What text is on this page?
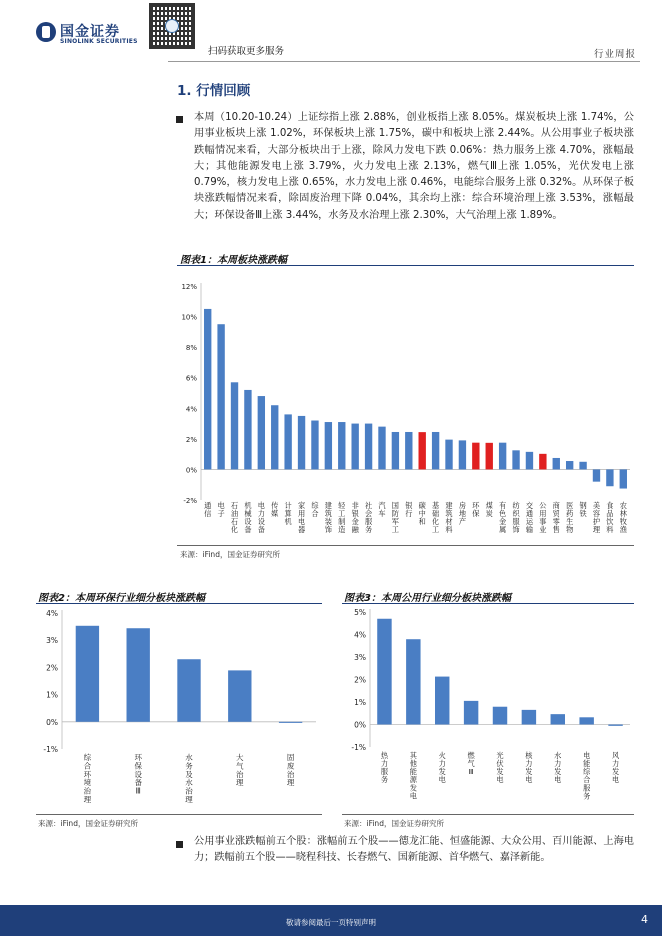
国金证券
SINOLINK SECURITIES
扫码获取更多服务	行业周报
1. 行情回顾
本周（10.20-10.24）上证综指上涨 2.88%，创业板指上涨 8.05%。煤炭板块上涨 1.74%，公用事业板块上涨 1.02%，环保板块上涨 1.75%，碳中和板块上涨 2.44%。从公用事业子板块涨跌幅情况来看，大部分板块出于上涨，除风力发电下跌 0.06%：热力服务上涨 4.70%，涨幅最大；其他能源发电上涨 3.79%，火力发电上涨 2.13%，燃气Ⅲ上涨 1.05%，光伏发电上涨 0.79%，核力发电上涨 0.65%，水力发电上涨 0.46%，电能综合服务上涨 0.32%。从环保子板块涨跌幅情况来看，除固废治理下降 0.04%，其余均上涨：综合环境治理上涨 3.53%，涨幅最大；环保设备Ⅲ上涨 3.44%，水务及水治理上涨 2.30%，大气治理上涨 1.89%。
图表1：本周板块涨跌幅
-2%
0%
2%
4%
6%
8%
10%
12%
通信
电子
石油石化
机械设备
电力设备
传媒
计算机
家用电器
综合
建筑装饰
轻工制造
非银金融
社会服务
汽车
国防军工
银行
碳中和
基础化工
建筑材料
房地产
环保
煤炭
有色金属
纺织服饰
交通运输
公用事业
商贸零售
医药生物
钢铁
美容护理
食品饮料
农林牧渔
来源：iFind，国金证券研究所
图表2：本周环保行业细分板块涨跌幅
-1%
0%
1%
2%
3%
4%
综合环境治理
环保设备 Ⅲ
水务及水治理
大气治理
固废治理
来源：iFind，国金证券研究所
图表3：本周公用行业细分板块涨跌幅
-1%
0%
1%
2%
3%
4%
5%
热力服务
其他能源发电
火力发电
燃气 Ⅲ
光伏发电
核力发电
水力发电
电能综合服务
风力发电
来源：iFind，国金证券研究所
公用事业涨跌幅前五个股：涨幅前五个股——德龙汇能、恒盛能源、大众公用、百川能源、上海电力；跌幅前五个股——晓程科技、长春燃气、国新能源、首华燃气、嘉泽新能。
敬请参阅最后一页特别声明	4
